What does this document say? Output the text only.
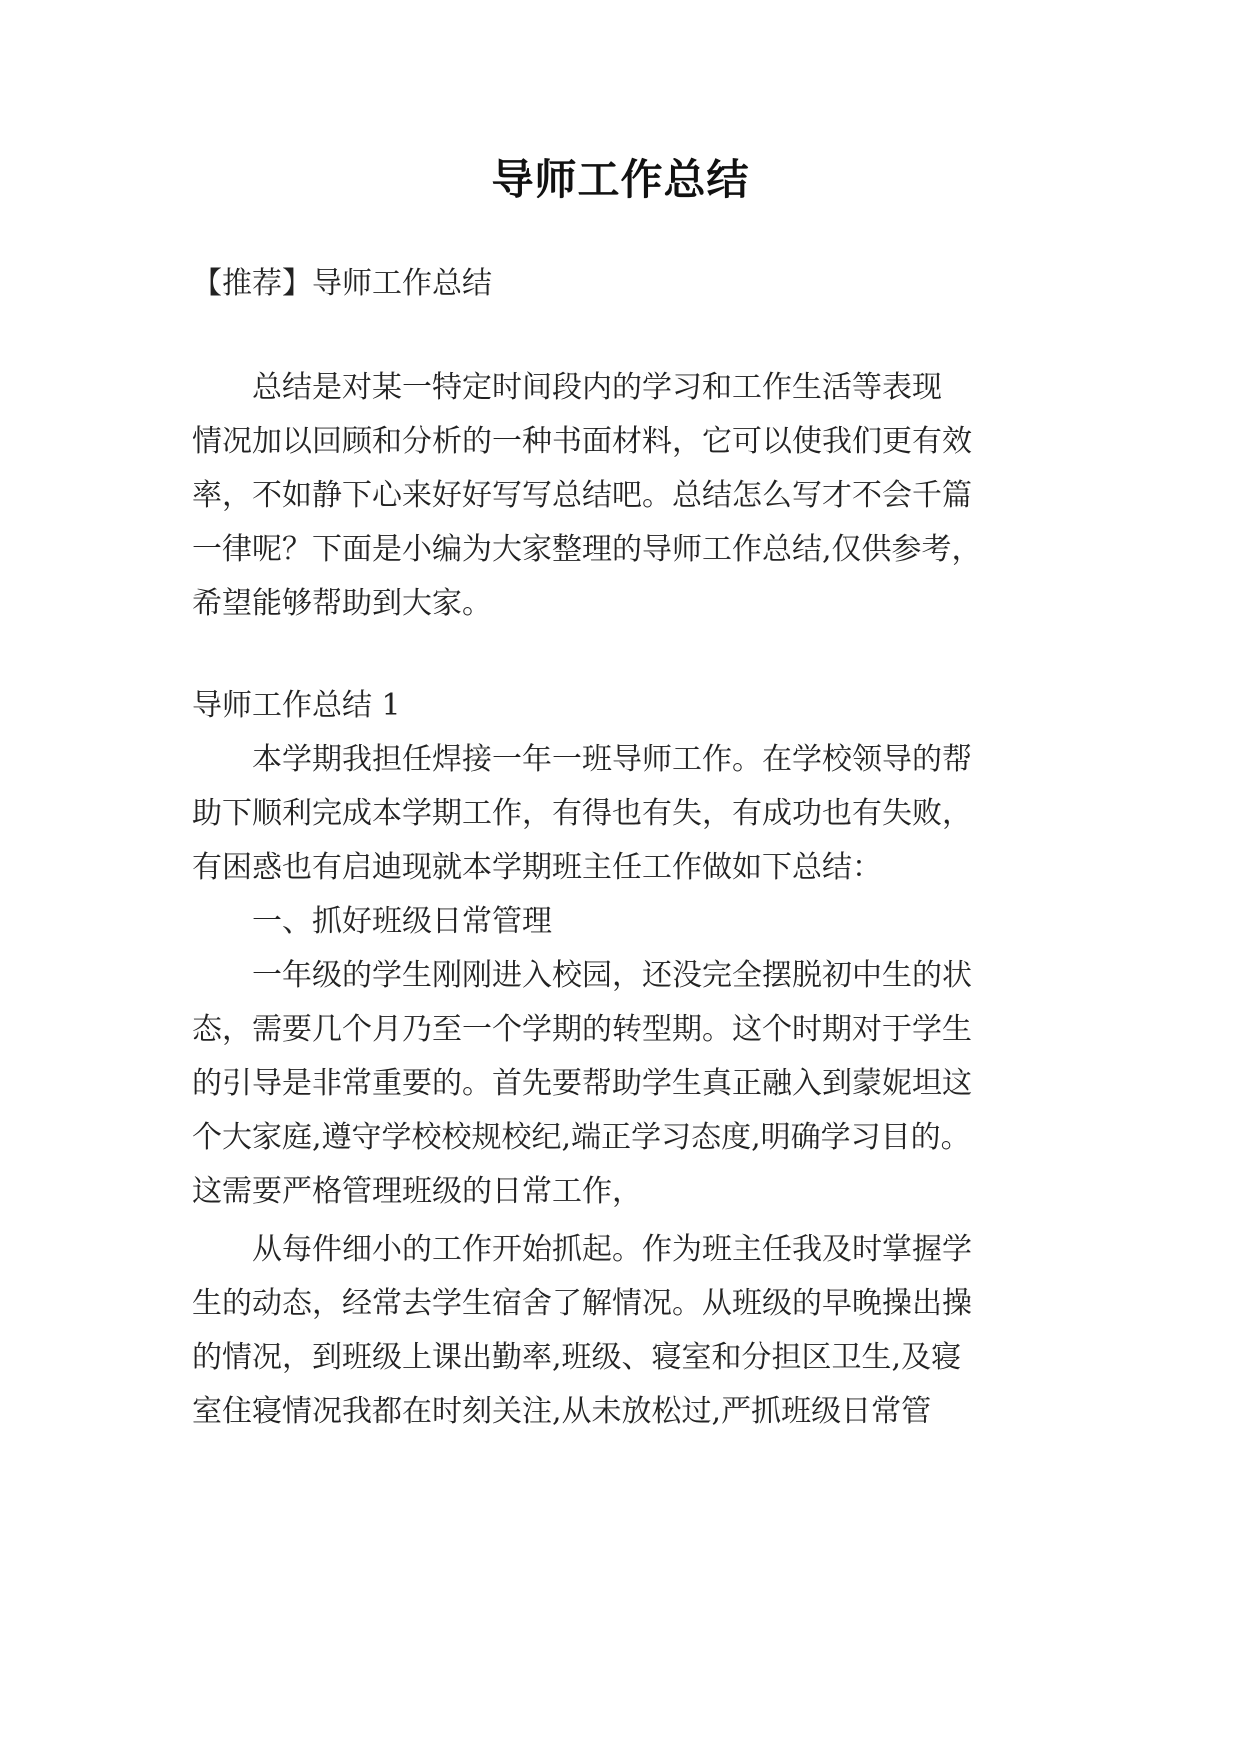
导师工作总结
【推荐】导师工作总结
总结是对某一特定时间段内的学习和工作生活等表现
情况加以回顾和分析的一种书面材料，它可以使我们更有效
率，不如静下心来好好写写总结吧。总结怎么写才不会千篇
一律呢？下面是小编为大家整理的导师工作总结,仅供参考，
希望能够帮助到大家。
导师工作总结 1
本学期我担任焊接一年一班导师工作。在学校领导的帮
助下顺利完成本学期工作，有得也有失，有成功也有失败，
有困惑也有启迪现就本学期班主任工作做如下总结：
一、抓好班级日常管理
一年级的学生刚刚进入校园，还没完全摆脱初中生的状
态，需要几个月乃至一个学期的转型期。这个时期对于学生
的引导是非常重要的。首先要帮助学生真正融入到蒙妮坦这
个大家庭,遵守学校校规校纪,端正学习态度,明确学习目的。
这需要严格管理班级的日常工作，
从每件细小的工作开始抓起。作为班主任我及时掌握学
生的动态，经常去学生宿舍了解情况。从班级的早晚操出操
的情况，到班级上课出勤率,班级、寝室和分担区卫生,及寝
室住寝情况我都在时刻关注,从未放松过,严抓班级日常管
